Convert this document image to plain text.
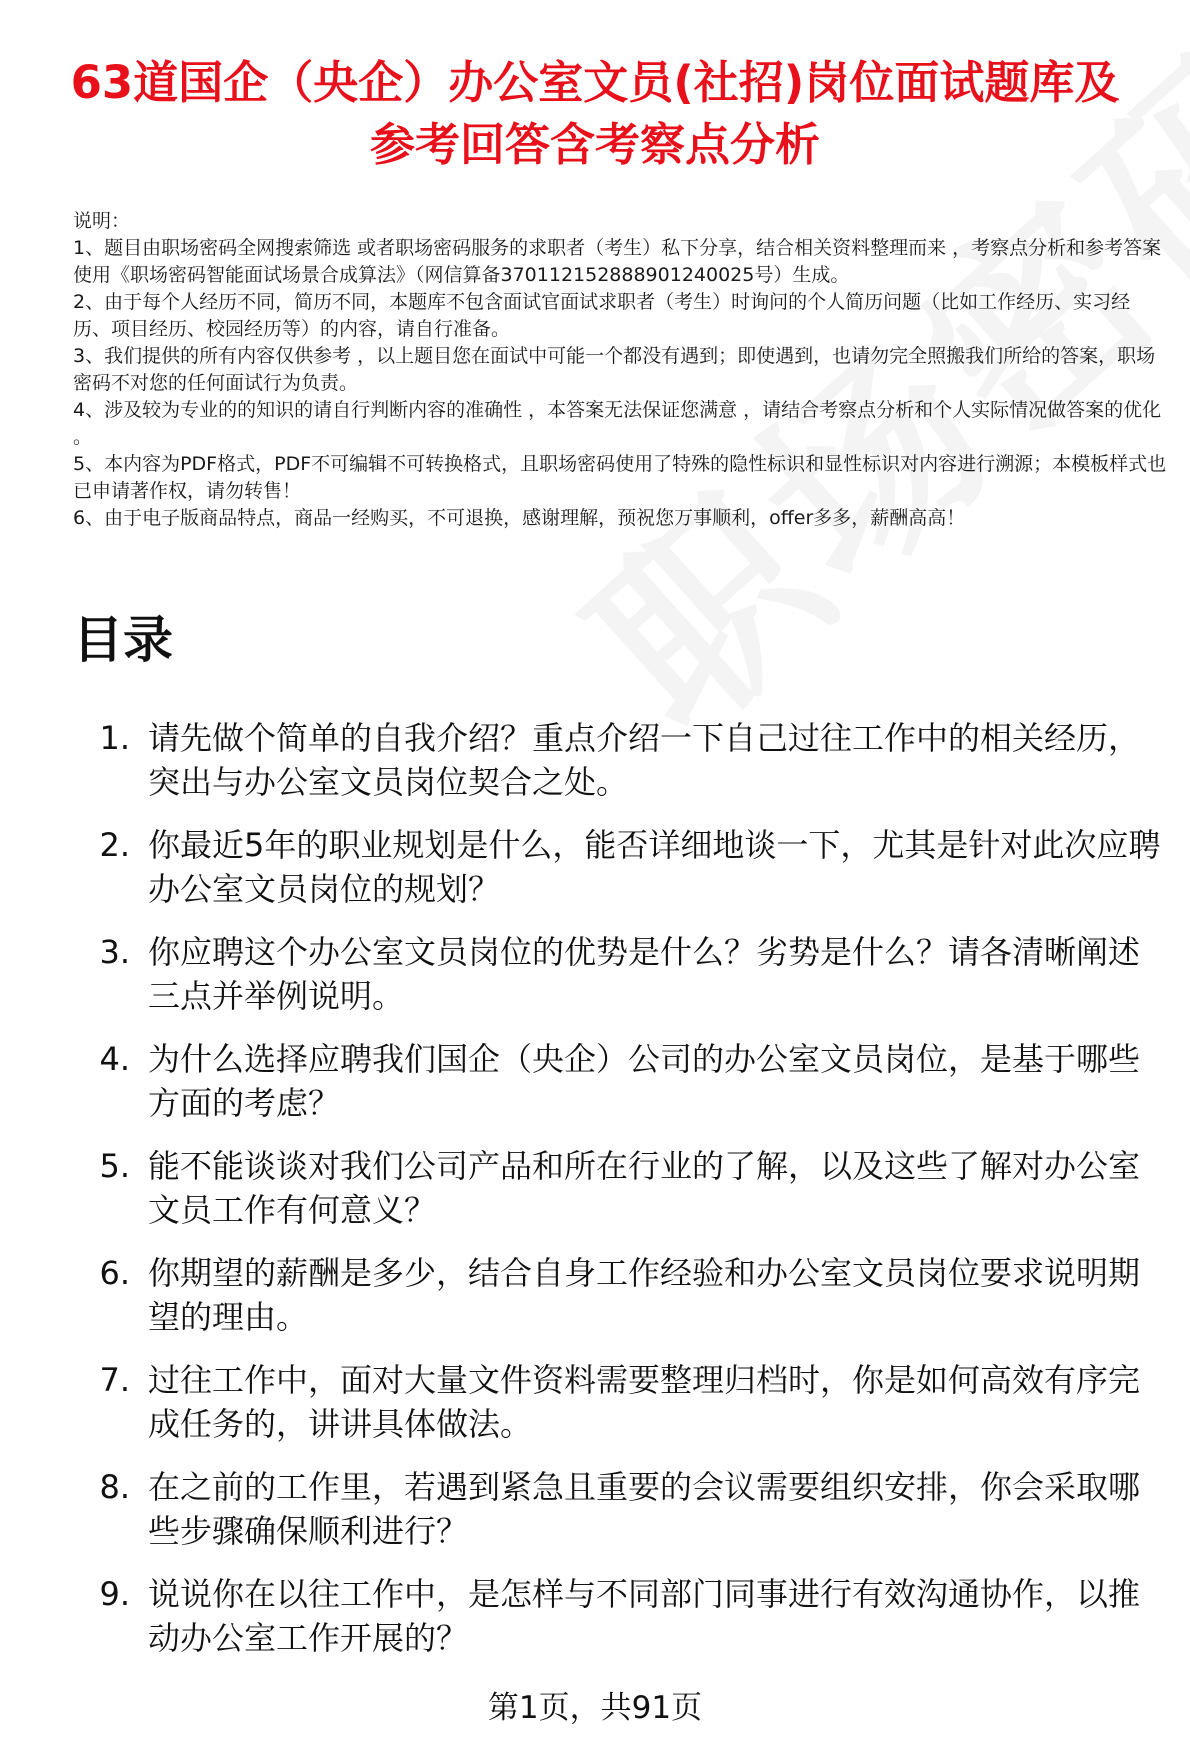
63道国企（央企）办公室文员(社招)岗位面试题库及参考回答含考察点分析

说明：

1、题目由职场密码全网搜索筛选 或者职场密码服务的求职者（考生）私下分享，结合相关资料整理而来 ，考察点分析和参考答案使用《职场密码智能面试场景合成算法》（网信算备370112152888901240025号）生成。

2、由于每个人经历不同，简历不同，本题库不包含面试官面试求职者（考生）时询问的个人简历问题（比如工作经历、实习经历、项目经历、校园经历等）的内容，请自行准备。

3、我们提供的所有内容仅供参考 ，以上题目您在面试中可能一个都没有遇到；即使遇到，也请勿完全照搬我们所给的答案，职场密码不对您的任何面试行为负责。

4、涉及较为专业的的知识的请自行判断内容的准确性 ，本答案无法保证您满意 ，请结合考察点分析和个人实际情况做答案的优化 。

5、本内容为PDF格式，PDF不可编辑不可转换格式，且职场密码使用了特殊的隐性标识和显性标识对内容进行溯源；本模板样式也已申请著作权，请勿转售！

6、由于电子版商品特点，商品一经购买，不可退换，感谢理解，预祝您万事顺利，offer多多，薪酬高高！

目录
1. 请先做个简单的自我介绍？重点介绍一下自己过往工作中的相关经历，突出与办公室文员岗位契合之处。
2. 你最近5年的职业规划是什么，能否详细地谈一下，尤其是针对此次应聘办公室文员岗位的规划？
3. 你应聘这个办公室文员岗位的优势是什么？劣势是什么？请各清晰阐述三点并举例说明。
4. 为什么选择应聘我们国企（央企）公司的办公室文员岗位，是基于哪些方面的考虑？
5. 能不能谈谈对我们公司产品和所在行业的了解，以及这些了解对办公室文员工作有何意义？
6. 你期望的薪酬是多少，结合自身工作经验和办公室文员岗位要求说明期望的理由。
7. 过往工作中，面对大量文件资料需要整理归档时，你是如何高效有序完成任务的，讲讲具体做法。
8. 在之前的工作里，若遇到紧急且重要的会议需要组织安排，你会采取哪些步骤确保顺利进行？
9. 说说你在以往工作中，是怎样与不同部门同事进行有效沟通协作，以推动办公室工作开展的？
第1页，共91页
